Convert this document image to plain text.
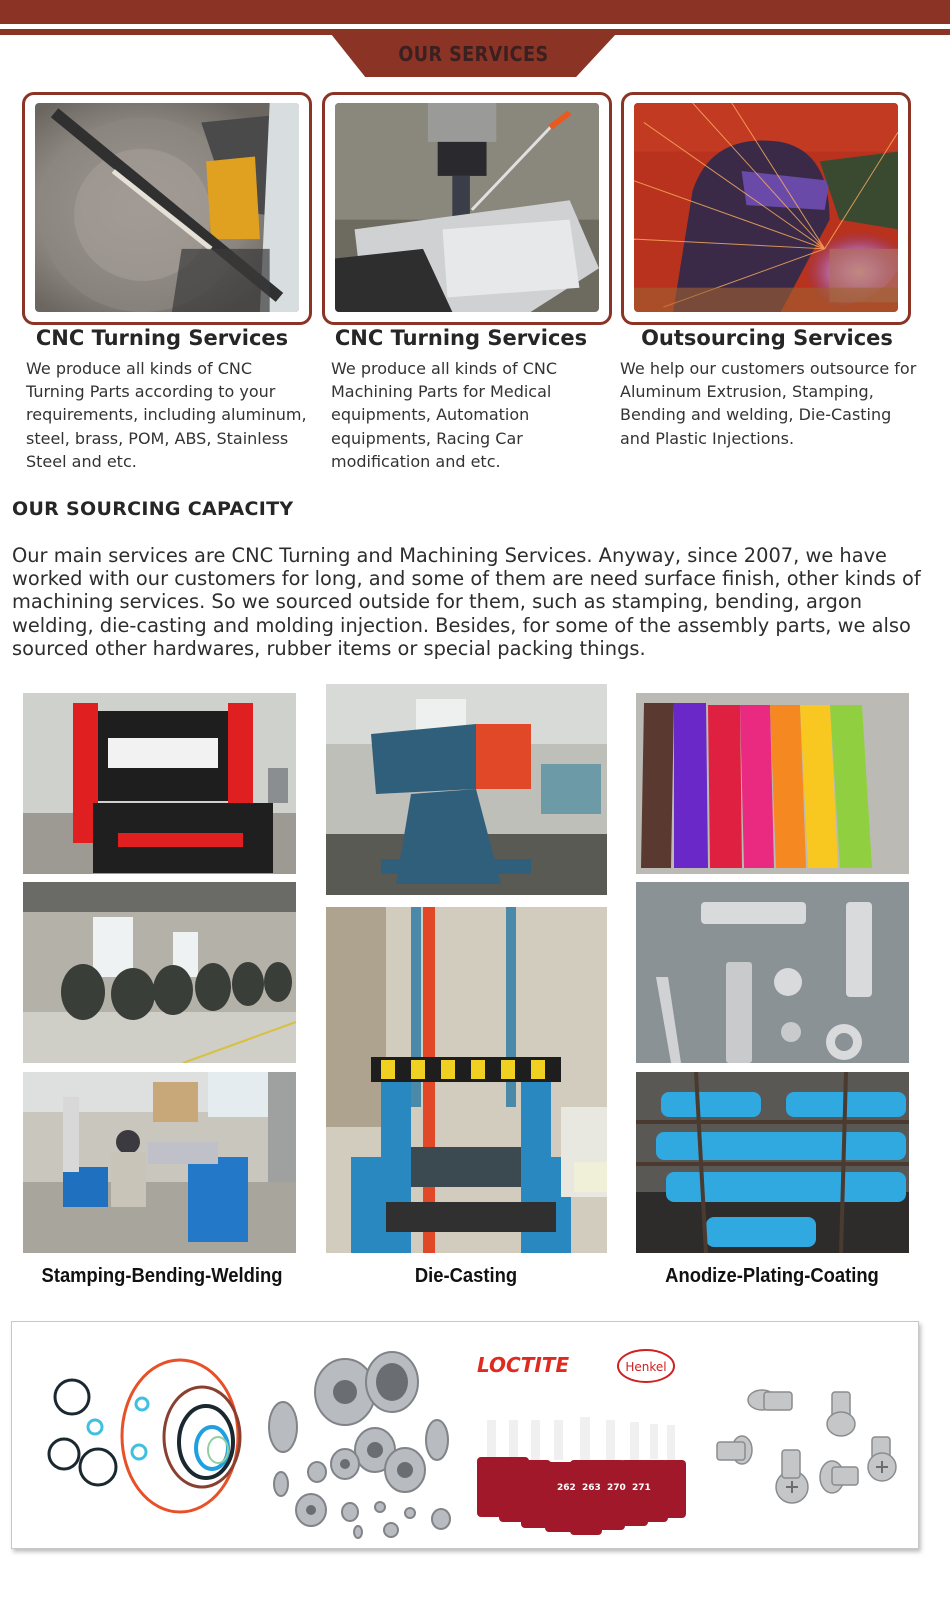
OUR SERVICES
CNC Turning Services
We produce all kinds of CNC Turning Parts according to your requirements, including aluminum, steel, brass, POM, ABS, Stainless Steel and etc.
CNC Turning Services
We produce all kinds of CNC Machining Parts for Medical equipments, Automation equipments, Racing Car modification and etc.
Outsourcing Services
We help our customers outsource for Aluminum Extrusion, Stamping, Bending and welding, Die-Casting and Plastic Injections.
OUR SOURCING CAPACITY
Our main services are CNC Turning and Machining Services. Anyway, since 2007, we have worked with our customers for long, and some of them are need surface finish, other kinds of machining services. So we sourced outside for them, such as stamping, bending, argon welding, die-casting and molding injection. Besides, for some of the assembly parts, we also sourced other hardwares, rubber items or special packing things.
Stamping-Bending-Welding	Die-Casting	Anodize-Plating-Coating
LOCTITE	Henkel
263
262	270 271
